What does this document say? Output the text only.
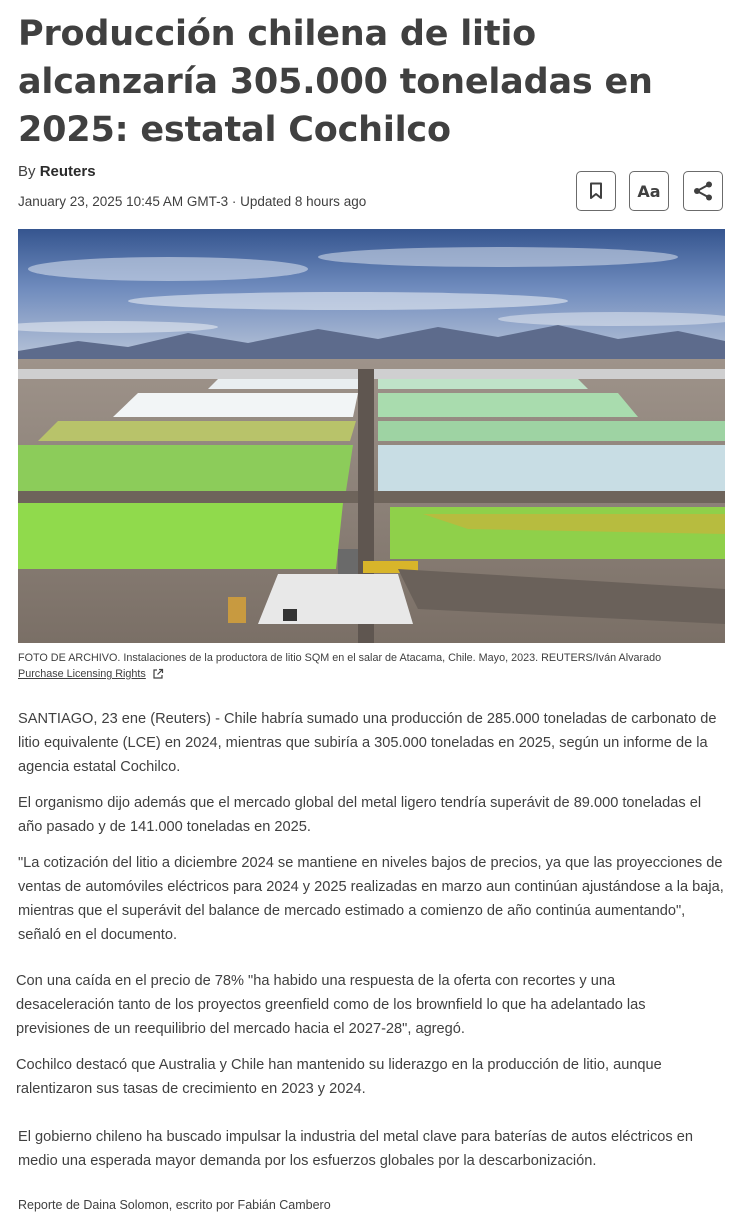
Producción chilena de litio alcanzaría 305.000 toneladas en 2025: estatal Cochilco
By Reuters
January 23, 2025 10:45 AM GMT-3 · Updated 8 hours ago
Aa
FOTO DE ARCHIVO. Instalaciones de la productora de litio SQM en el salar de Atacama, Chile. Mayo, 2023. REUTERS/Iván Alvarado
Purchase Licensing Rights

SANTIAGO, 23 ene (Reuters) - Chile habría sumado una producción de 285.000 toneladas de carbonato de litio equivalente (LCE) en 2024, mientras que subiría a 305.000 toneladas en 2025, según un informe de la agencia estatal Cochilco.

El organismo dijo además que el mercado global del metal ligero tendría superávit de 89.000 toneladas el año pasado y de 141.000 toneladas en 2025.

"La cotización del litio a diciembre 2024 se mantiene en niveles bajos de precios, ya que las proyecciones de ventas de automóviles eléctricos para 2024 y 2025 realizadas en marzo aun continúan ajustándose a la baja, mientras que el superávit del balance de mercado estimado a comienzo de año continúa aumentando", señaló en el documento.

Con una caída en el precio de 78% "ha habido una respuesta de la oferta con recortes y una desaceleración tanto de los proyectos greenfield como de los brownfield lo que ha adelantado las previsiones de un reequilibrio del mercado hacia el 2027-28", agregó.

Cochilco destacó que Australia y Chile han mantenido su liderazgo en la producción de litio, aunque ralentizaron sus tasas de crecimiento en 2023 y 2024.

El gobierno chileno ha buscado impulsar la industria del metal clave para baterías de autos eléctricos en medio una esperada mayor demanda por los esfuerzos globales por la descarbonización.

Reporte de Daina Solomon, escrito por Fabián Cambero
